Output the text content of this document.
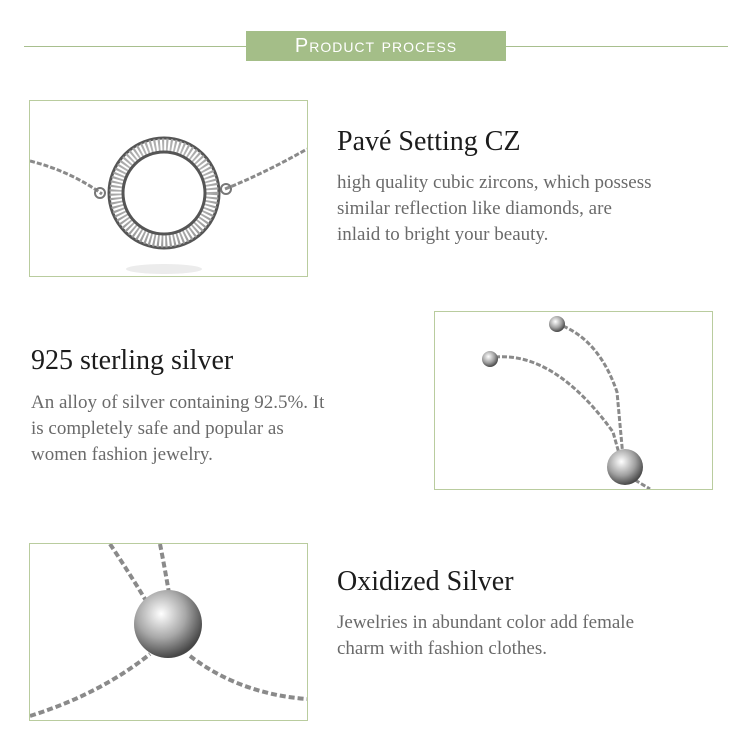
Product process
Pavé Setting CZ
high quality cubic zircons, which possess
similar reflection like diamonds, are
inlaid to bright your beauty.
925 sterling silver
An alloy of silver containing 92.5%. It
is completely safe and popular as
women fashion jewelry.
Oxidized Silver
Jewelries in abundant color add female
charm with fashion clothes.
